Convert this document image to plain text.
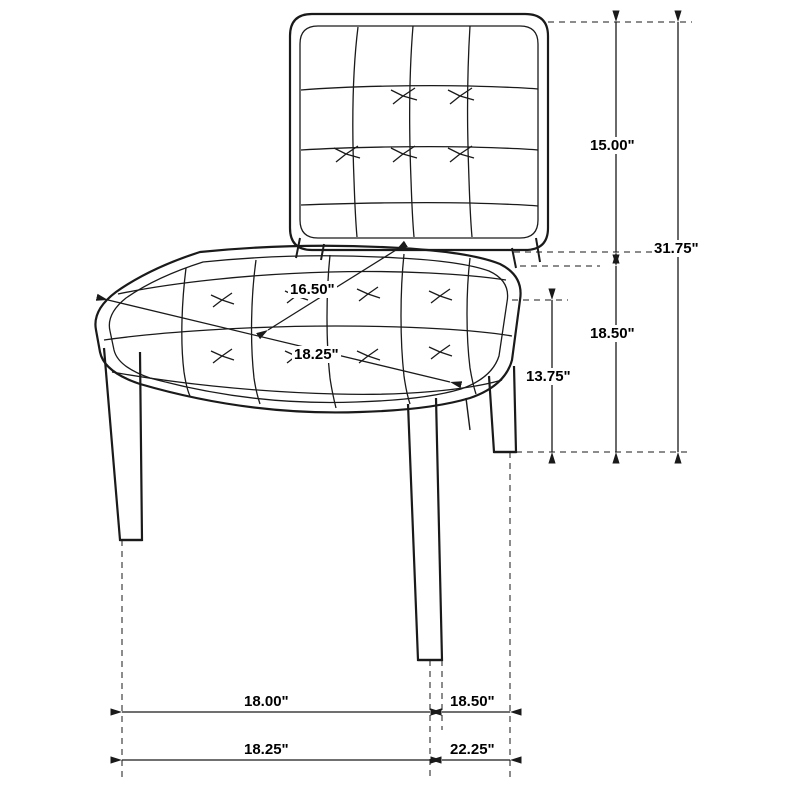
15.00"
31.75"
18.50"
13.75"
16.50"
18.25"
18.00"	18.50"
18.25"	22.25"
